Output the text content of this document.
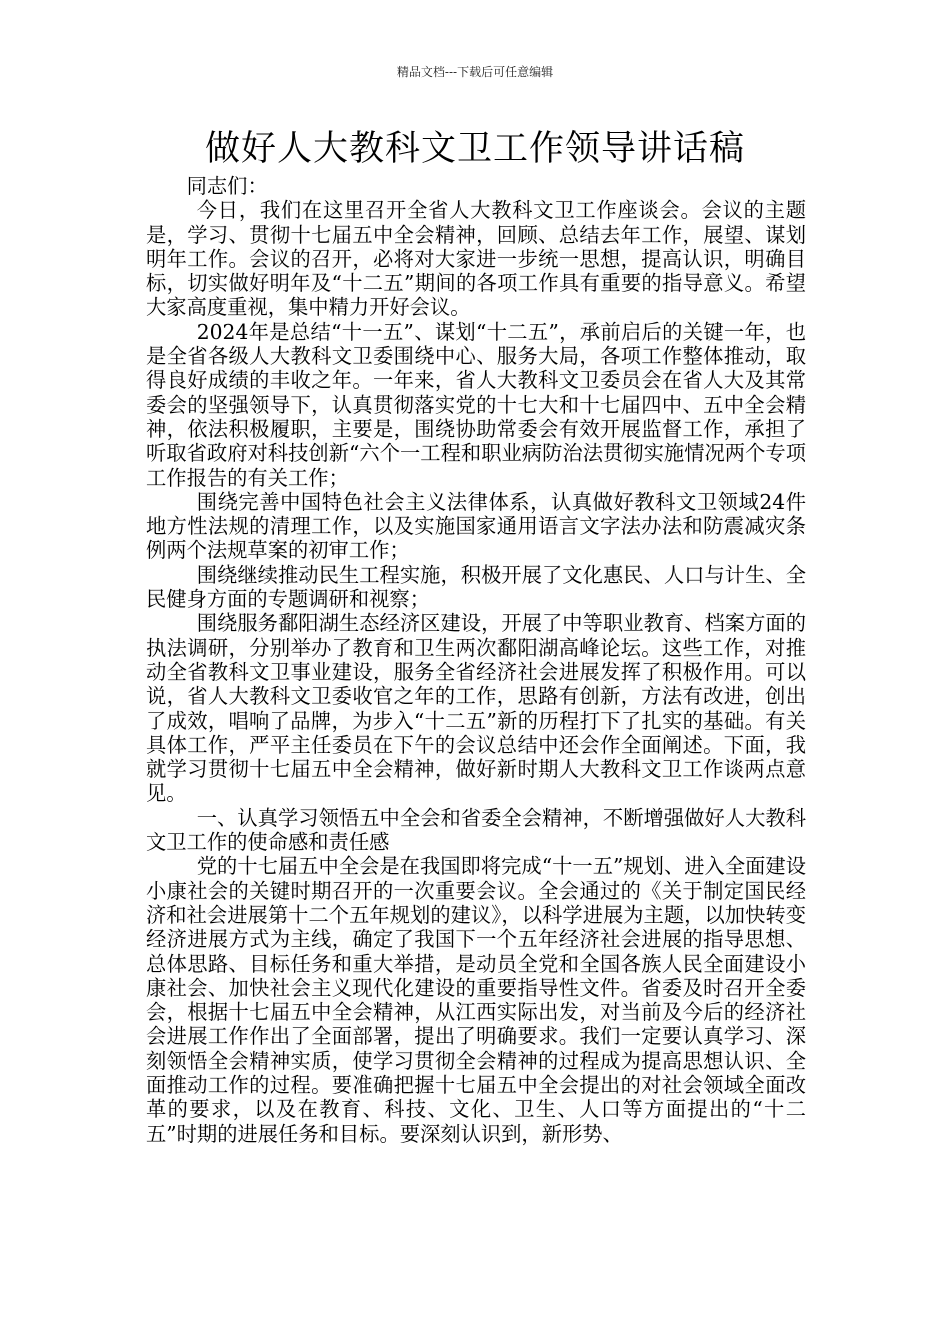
精品文档---下载后可任意编辑
做好人大教科文卫工作领导讲话稿

同志们：

今日，我们在这里召开全省人大教科文卫工作座谈会。会议的主题是，学习、贯彻十七届五中全会精神，回顾、总结去年工作，展望、谋划明年工作。会议的召开，必将对大家进一步统一思想，提高认识，明确目标，切实做好明年及“十二五”期间的各项工作具有重要的指导意义。希望大家高度重视，集中精力开好会议。

2024年是总结“十一五”、谋划“十二五”，承前启后的关键一年，也是全省各级人大教科文卫委围绕中心、服务大局，各项工作整体推动，取得良好成绩的丰收之年。一年来，省人大教科文卫委员会在省人大及其常委会的坚强领导下，认真贯彻落实党的十七大和十七届四中、五中全会精神，依法积极履职，主要是，围绕协助常委会有效开展监督工作，承担了听取省政府对科技创新“六个一工程和职业病防治法贯彻实施情况两个专项工作报告的有关工作；

围绕完善中国特色社会主义法律体系，认真做好教科文卫领域24件地方性法规的清理工作，以及实施国家通用语言文字法办法和防震减灾条例两个法规草案的初审工作；

围绕继续推动民生工程实施，积极开展了文化惠民、人口与计生、全民健身方面的专题调研和视察；

围绕服务鄱阳湖生态经济区建设，开展了中等职业教育、档案方面的执法调研，分别举办了教育和卫生两次鄱阳湖高峰论坛。这些工作，对推动全省教科文卫事业建设，服务全省经济社会进展发挥了积极作用。可以说，省人大教科文卫委收官之年的工作，思路有创新，方法有改进，创出了成效，唱响了品牌，为步入“十二五”新的历程打下了扎实的基础。有关具体工作，严平主任委员在下午的会议总结中还会作全面阐述。下面，我就学习贯彻十七届五中全会精神，做好新时期人大教科文卫工作谈两点意见。

一、认真学习领悟五中全会和省委全会精神，不断增强做好人大教科文卫工作的使命感和责任感

党的十七届五中全会是在我国即将完成“十一五”规划、进入全面建设小康社会的关键时期召开的一次重要会议。全会通过的《关于制定国民经济和社会进展第十二个五年规划的建议》，以科学进展为主题，以加快转变经济进展方式为主线，确定了我国下一个五年经济社会进展的指导思想、总体思路、目标任务和重大举措，是动员全党和全国各族人民全面建设小康社会、加快社会主义现代化建设的重要指导性文件。省委及时召开全委会，根据十七届五中全会精神，从江西实际出发，对当前及今后的经济社会进展工作作出了全面部署，提出了明确要求。我们一定要认真学习、深刻领悟全会精神实质，使学习贯彻全会精神的过程成为提高思想认识、全面推动工作的过程。要准确把握十七届五中全会提出的对社会领域全面改革的要求，以及在教育、科技、文化、卫生、人口等方面提出的“十二五”时期的进展任务和目标。要深刻认识到，新形势、
